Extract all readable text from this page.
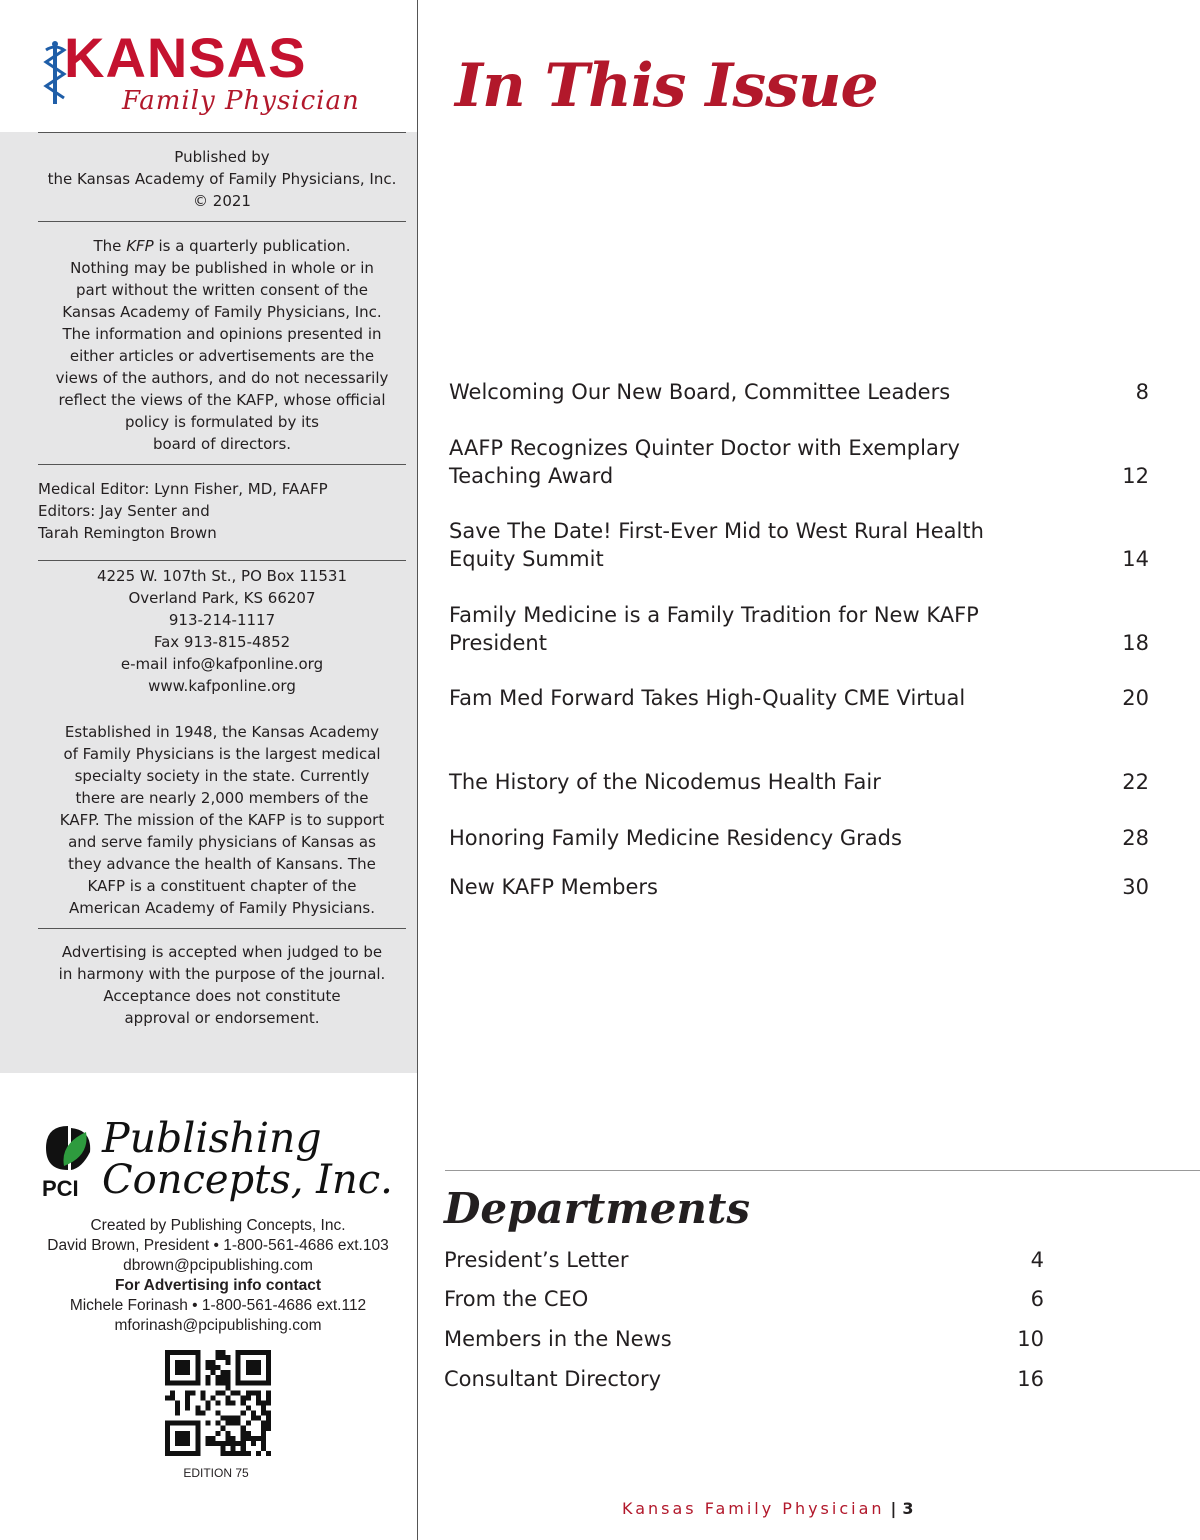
KANSAS
Family Physician
Published by
the Kansas Academy of Family Physicians, Inc.
© 2021
The KFP is a quarterly publication.
Nothing may be published in whole or in
part without the written consent of the
Kansas Academy of Family Physicians, Inc.
The information and opinions presented in
either articles or advertisements are the
views of the authors, and do not necessarily
reflect the views of the KAFP, whose official
policy is formulated by its
board of directors.
Medical Editor: Lynn Fisher, MD, FAAFP
Editors: Jay Senter and
Tarah Remington Brown
4225 W. 107th St., PO Box 11531
Overland Park, KS 66207
913-214-1117
Fax 913-815-4852
e-mail info@kafponline.org
www.kafponline.org
Established in 1948, the Kansas Academy
of Family Physicians is the largest medical
specialty society in the state. Currently
there are nearly 2,000 members of the
KAFP. The mission of the KAFP is to support
and serve family physicians of Kansas as
they advance the health of Kansans. The
KAFP is a constituent chapter of the
American Academy of Family Physicians.
Advertising is accepted when judged to be
in harmony with the purpose of the journal.
Acceptance does not constitute
approval or endorsement.
PCI
Publishing
Concepts, Inc.
Created by Publishing Concepts, Inc.
David Brown, President • 1-800-561-4686 ext.103
dbrown@pcipublishing.com
For Advertising info contact
Michele Forinash • 1-800-561-4686 ext.112
mforinash@pcipublishing.com
EDITION 75
In This Issue
Welcoming Our New Board, Committee Leaders	8
AAFP Recognizes Quinter Doctor with Exemplary Teaching Award	12
Save The Date! First-Ever Mid to West Rural Health Equity Summit	14
Family Medicine is a Family Tradition for New KAFP President	18
Fam Med Forward Takes High-Quality CME Virtual	20
The History of the Nicodemus Health Fair	22
Honoring Family Medicine Residency Grads	28
New KAFP Members	30
Departments
President’s Letter	4
From the CEO	6
Members in the News	10
Consultant Directory	16
Kansas Family Physician | 3
